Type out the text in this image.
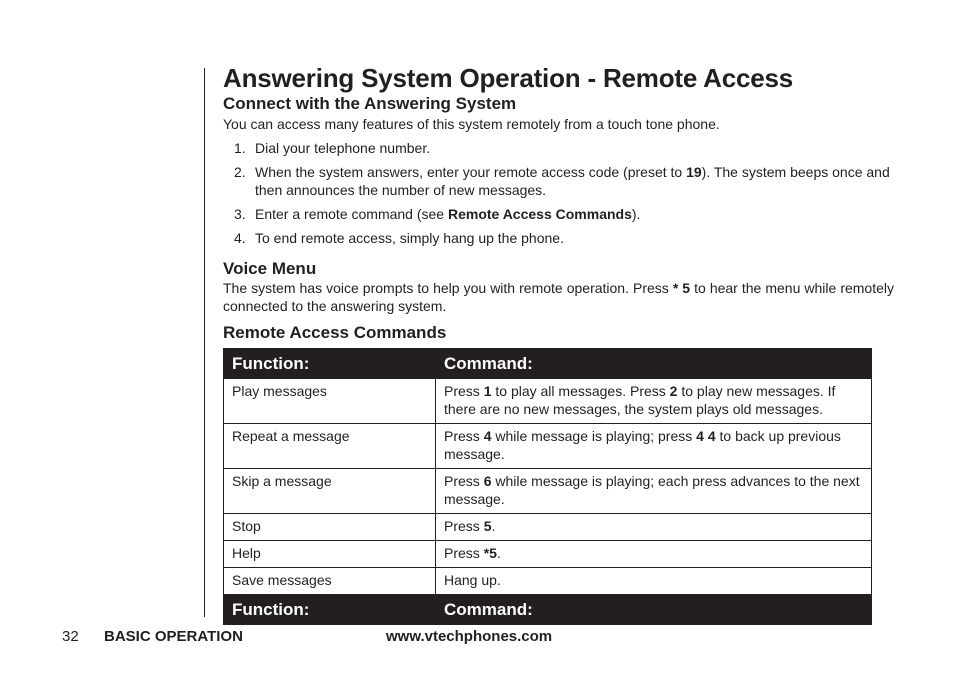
Answering System Operation - Remote Access
Connect with the Answering System

You can access many features of this system remotely from a touch tone phone.

1. Dial your telephone number.
2. When the system answers, enter your remote access code (preset to 19). The system beeps once and then announces the number of new messages.
3. Enter a remote command (see Remote Access Commands).
4. To end remote access, simply hang up the phone.
Voice Menu

The system has voice prompts to help you with remote operation. Press * 5 to hear the menu while remotely connected to the answering system.

Remote Access Commands
Function:	Command:
Play messages	Press 1 to play all messages. Press 2 to play new messages. If there are no new messages, the system plays old messages.
Repeat a message	Press 4 while message is playing; press 4 4 to back up previous message.
Skip a message	Press 6 while message is playing; each press advances to the next message.
Stop	Press 5.
Help	Press *5.
Save messages	Hang up.
Function:	Command:
32 BASIC OPERATION	www.vtechphones.com
